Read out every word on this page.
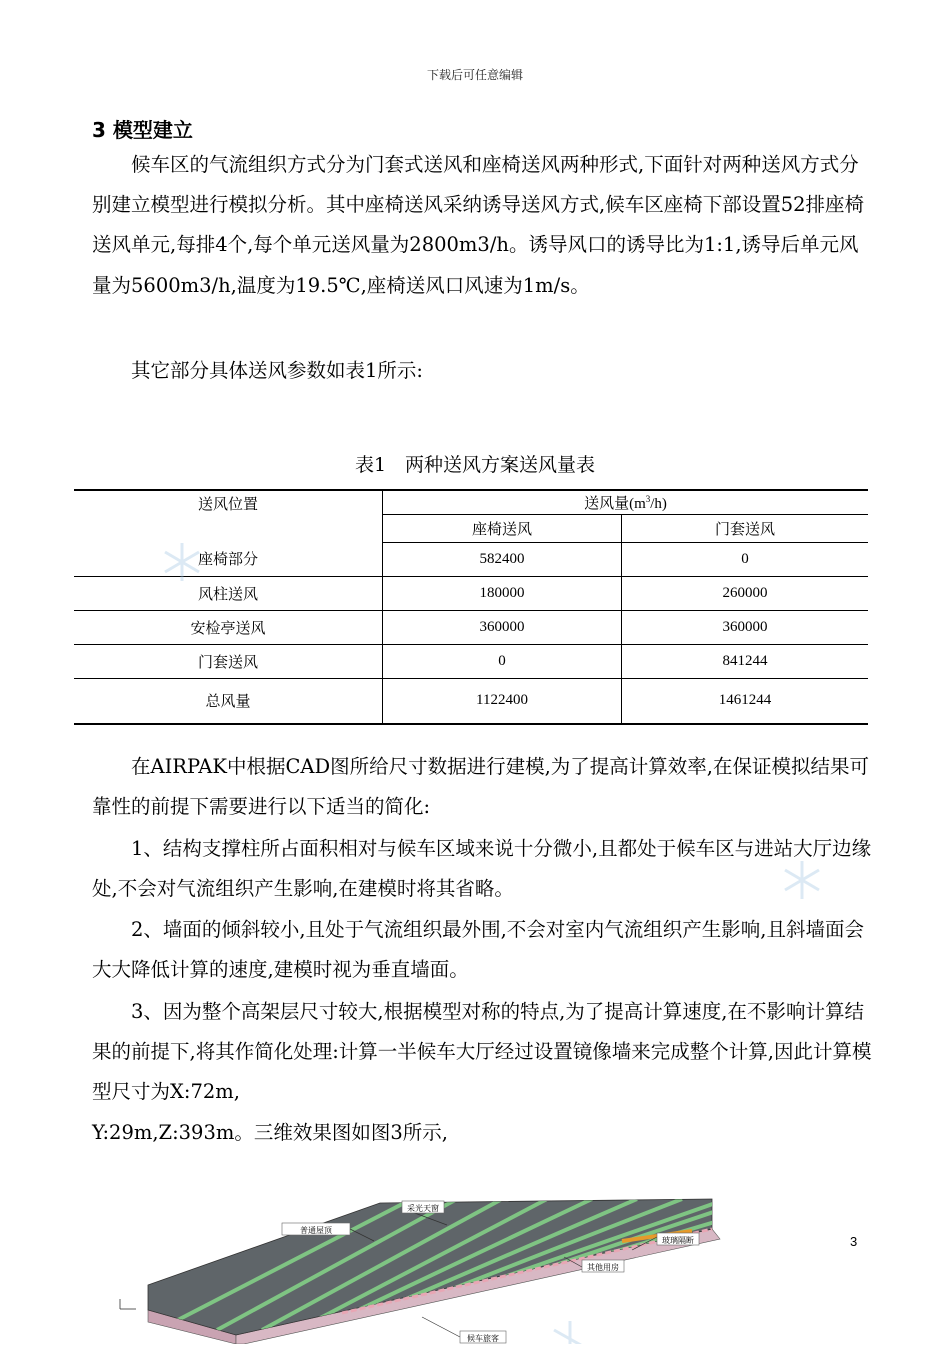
下载后可任意编辑
3 模型建立

　　候车区的气流组织方式分为门套式送风和座椅送风两种形式,下面针对两种送风方式分别建立模型进行模拟分析。其中座椅送风采纳诱导送风方式,候车区座椅下部设置52排座椅送风单元,每排4个,每个单元送风量为2800m3/h。诱导风口的诱导比为1:1,诱导后单元风量为5600m3/h,温度为19.5℃,座椅送风口风速为1m/s。

　　其它部分具体送风参数如表1所示:

表1　两种送风方案送风量表
送风位置	送风量$(m^3/h)$	
	座椅送风	门套送风
座椅部分	582400	0
风柱送风	180000	260000
安检亭送风	360000	360000
门套送风	0	841244
总风量	1122400	1461244

　　在AIRPAK中根据CAD图所给尺寸数据进行建模,为了提高计算效率,在保证模拟结果可靠性的前提下需要进行以下适当的简化:

　　1、结构支撑柱所占面积相对与候车区域来说十分微小,且都处于候车区与进站大厅边缘处,不会对气流组织产生影响,在建模时将其省略。

　　2、墙面的倾斜较小,且处于气流组织最外围,不会对室内气流组织产生影响,且斜墙面会大大降低计算的速度,建模时视为垂直墙面。

　　3、因为整个高架层尺寸较大,根据模型对称的特点,为了提高计算速度,在不影响计算结果的前提下,将其作简化处理:计算一半候车大厅经过设置镜像墙来完成整个计算,因此计算模型尺寸为X:72m,

Y:29m,Z:393m。三维效果图如图3所示,

3
采光天窗
普通屋顶
玻璃隔断
其他用房
候车旅客
